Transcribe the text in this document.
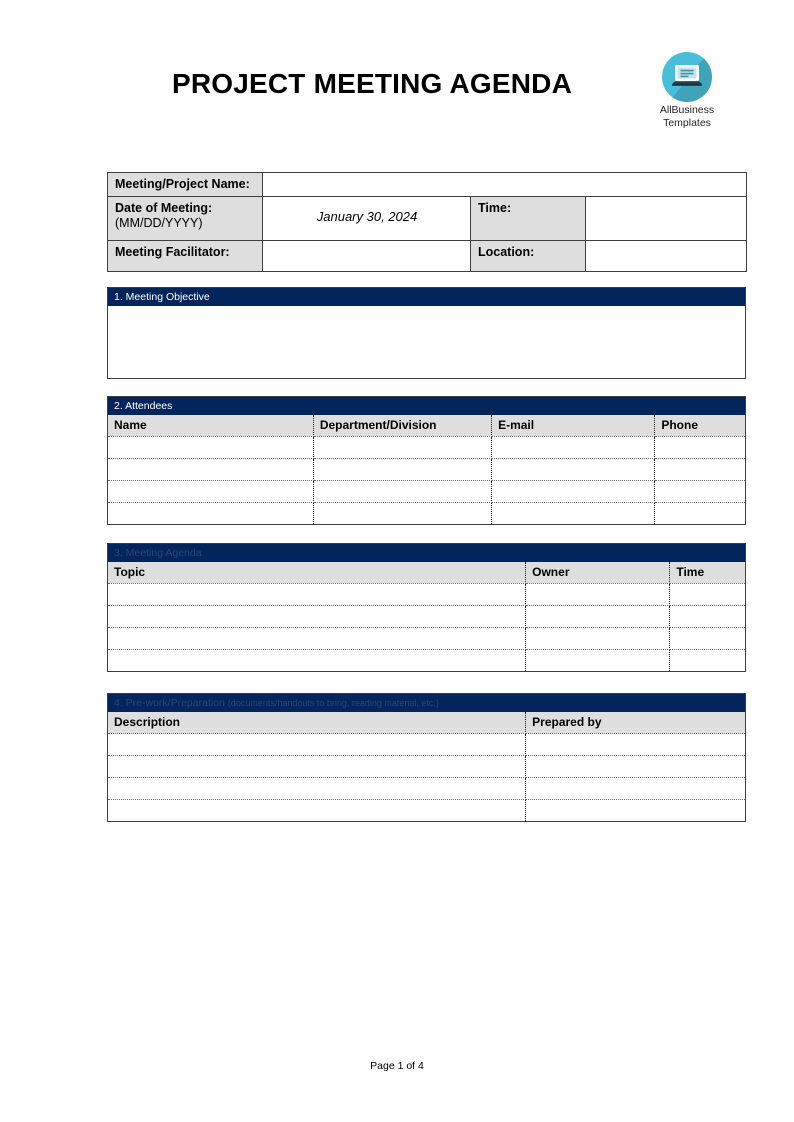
PROJECT MEETING AGENDA
AllBusiness
Templates
Meeting/Project Name:			
Date of Meeting:
(MM/DD/YYYY)	January 30, 2024	Time:	
Meeting Facilitator:		Location:	
1. Meeting Objective
2. Attendees
Name	Department/Division	E-mail	Phone

3. Meeting Agenda
Topic	Owner	Time

4. Pre-work/Preparation (documents/handouts to bring, reading material, etc.)
Description	Prepared by

Page 1 of 4
